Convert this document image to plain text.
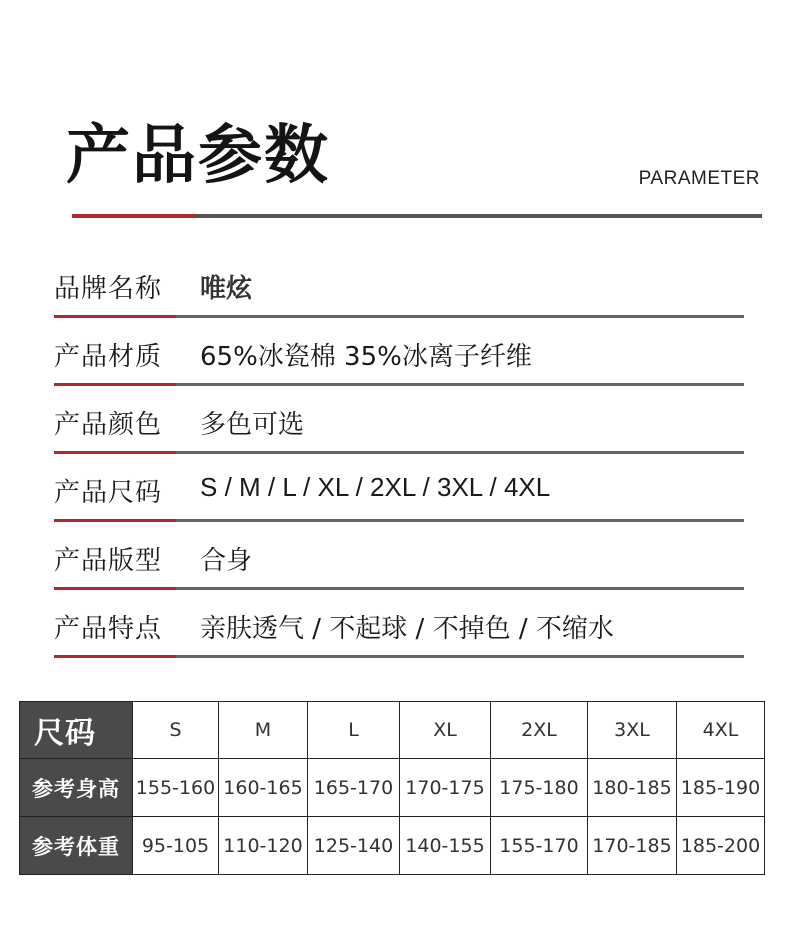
产品参数	PARAMETER
品牌名称 唯炫
产品材质 65%冰瓷棉 35%冰离子纤维
产品颜色 多色可选
产品尺码 S / M / L / XL / 2XL / 3XL / 4XL
产品版型 合身
产品特点 亲肤透气 / 不起球 / 不掉色 / 不缩水
尺码	S	M	L	XL	2XL	3XL	4XL
参考身高	155-160	160-165	165-170	170-175	175-180	180-185	185-190
参考体重	95-105	110-120	125-140	140-155	155-170	170-185	185-200
